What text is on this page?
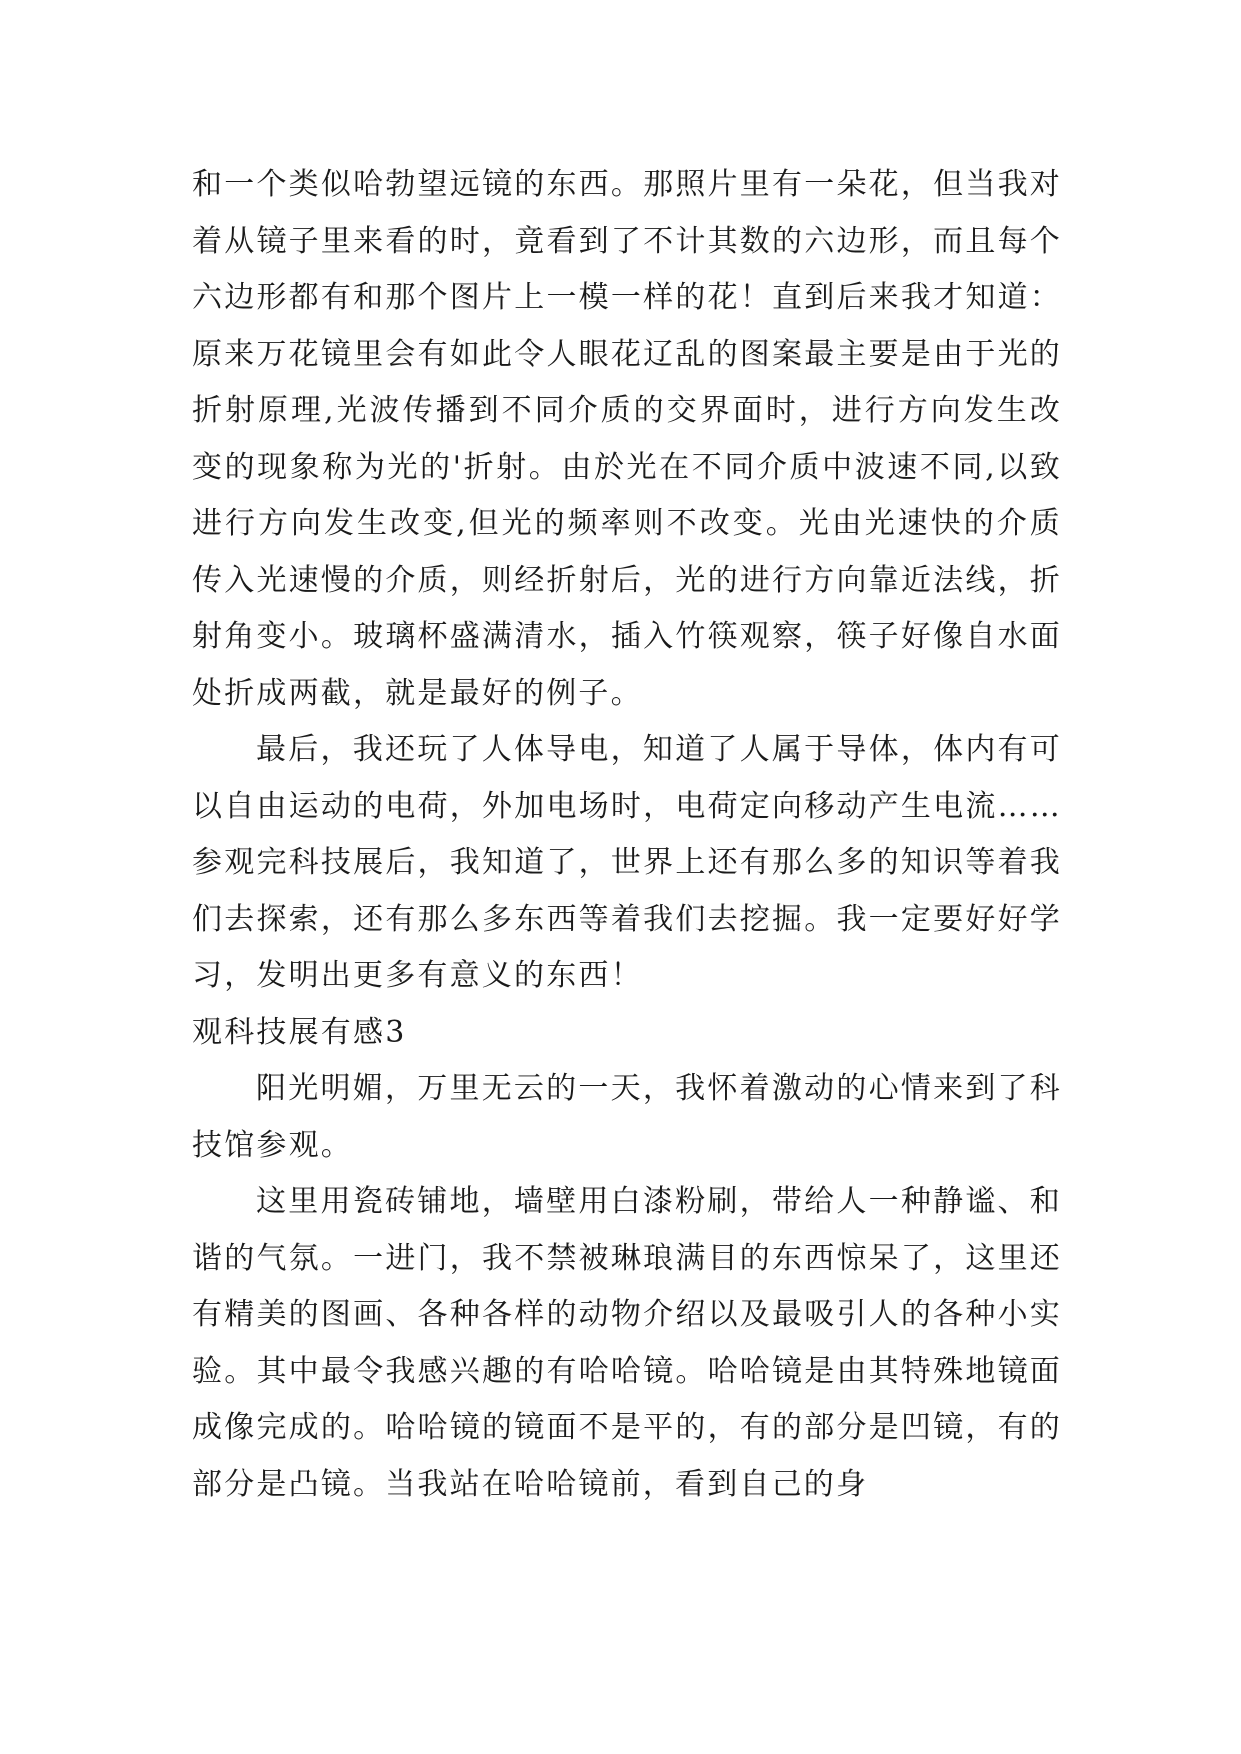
和一个类似哈勃望远镜的东西。那照片里有一朵花，但当我对着从镜子里来看的时，竟看到了不计其数的六边形，而且每个六边形都有和那个图片上一模一样的花！直到后来我才知道：原来万花镜里会有如此令人眼花辽乱的图案最主要是由于光的折射原理,光波传播到不同介质的交界面时，进行方向发生改变的现象称为光的'折射。由於光在不同介质中波速不同,以致进行方向发生改变,但光的频率则不改变。光由光速快的介质传入光速慢的介质，则经折射后，光的进行方向靠近法线，折射角变小。玻璃杯盛满清水，插入竹筷观察，筷子好像自水面处折成两截，就是最好的例子。

最后，我还玩了人体导电，知道了人属于导体，体内有可以自由运动的电荷，外加电场时，电荷定向移动产生电流…… 参观完科技展后，我知道了，世界上还有那么多的知识等着我们去探索，还有那么多东西等着我们去挖掘。我一定要好好学习，发明出更多有意义的东西！

观科技展有感3

阳光明媚，万里无云的一天，我怀着激动的心情来到了科技馆参观。

这里用瓷砖铺地，墙壁用白漆粉刷，带给人一种静谧、和谐的气氛。一进门，我不禁被琳琅满目的东西惊呆了，这里还有精美的图画、各种各样的动物介绍以及最吸引人的各种小实验。其中最令我感兴趣的有哈哈镜。哈哈镜是由其特殊地镜面成像完成的。哈哈镜的镜面不是平的，有的部分是凹镜，有的部分是凸镜。当我站在哈哈镜前，看到自己的身
